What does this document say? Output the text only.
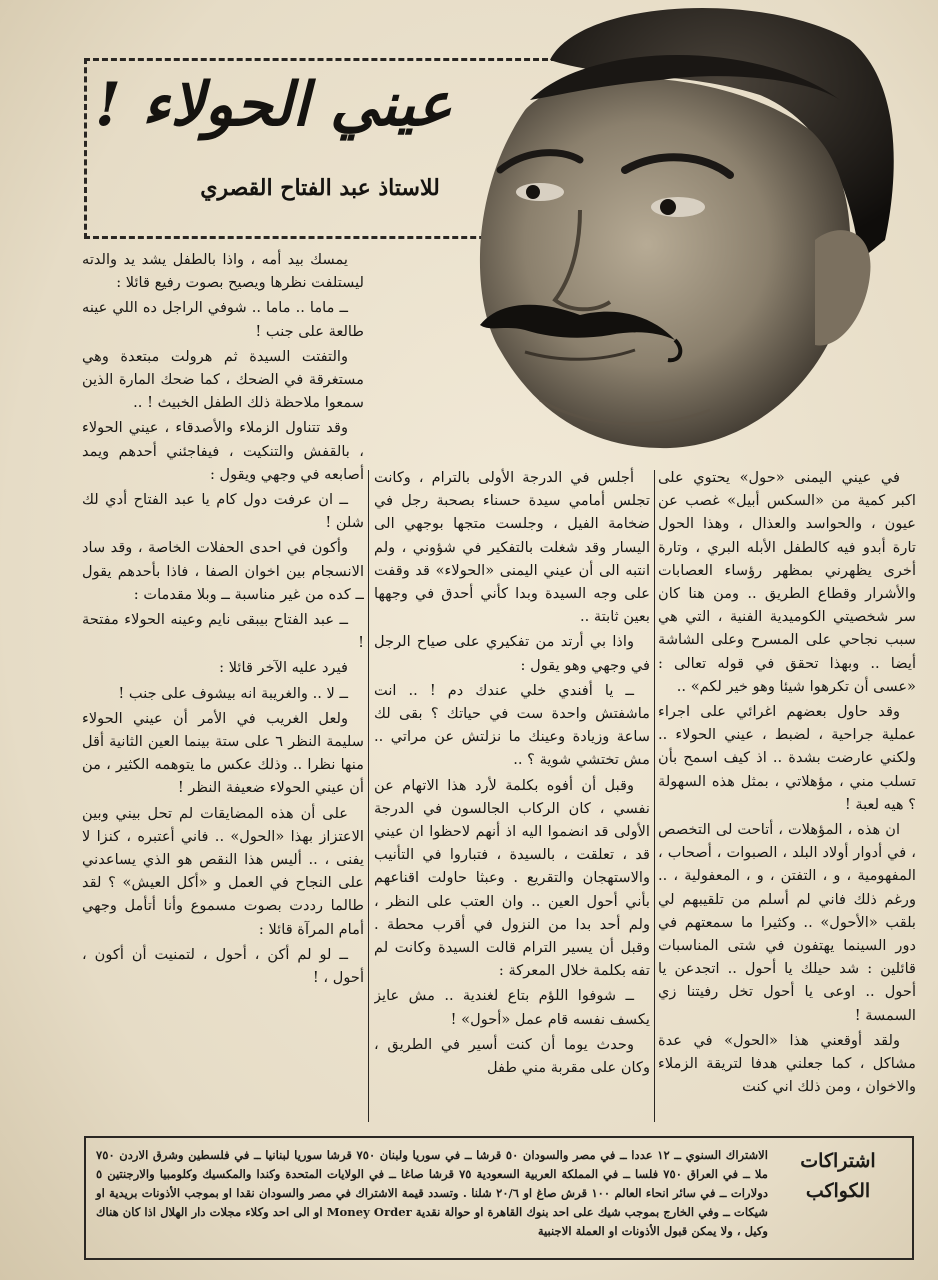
عيني الحولاء !
للاستاذ عبد الفتاح القصري

في عيني اليمنى «حول» يحتوي على اكبر كمية من «السكس أبيل» غصب عن عيون ، والحواسد والعذال ، وهذا الحول تارة أبدو فيه كالطفل الأبله البري ، وتارة أخرى يظهرني بمظهر رؤساء العصابات والأشرار وقطاع الطريق .. ومن هنا كان سر شخصيتي الكوميدية الفنية ، التي هي سبب نجاحي على المسرح وعلى الشاشة أيضا .. وبهذا تحقق في قوله تعالى : «عسى أن تكرهوا شيئا وهو خير لكم» ..

وقد حاول بعضهم اغرائي على اجراء عملية جراحية ، لضبط ، عيني الحولاء .. ولكني عارضت بشدة .. اذ كيف اسمح بأن تسلب مني ، مؤهلاتي ، بمثل هذه السهولة ؟ هيه لعبة !

ان هذه ، المؤهلات ، أتاحت لى التخصص ، في أدوار أولاد البلد ، الصبوات ، أصحاب ، المفهومية ، و ، التفتن ، و ، المعفولية ، .. ورغم ذلك فاني لم أسلم من تلقيبهم لي بلقب «الأحول» .. وكثيرا ما سمعتهم في دور السينما يهتفون في شتى المناسبات قائلين : شد حيلك يا أحول .. اتجدعن يا أحول .. اوعى يا أحول تخل رفيتنا زي السمسة !

ولقد أوقعني هذا «الحول» في عدة مشاكل ، كما جعلني هدفا لتريقة الزملاء والاخوان ، ومن ذلك اني كنت

أجلس في الدرجة الأولى بالترام ، وكانت تجلس أمامي سيدة حسناء بصحبة رجل في ضخامة الفيل ، وجلست متجها بوجهي الى اليسار وقد شغلت بالتفكير في شؤوني ، ولم انتبه الى أن عيني اليمنى «الحولاء» قد وقفت على وجه السيدة وبدا كأني أحدق في وجهها بعين ثابتة ..

واذا بي أرتد من تفكيري على صياح الرجل في وجهي وهو يقول :

ــ يا أفندي خلي عندك دم ! .. انت ماشفتش واحدة ست في حياتك ؟ بقى لك ساعة وزيادة وعينك ما نزلتش عن مراتي .. مش تختشي شوية ؟ ..

وقبل أن أفوه بكلمة لأرد هذا الاتهام عن نفسي ، كان الركاب الجالسون في الدرجة الأولى قد انضموا اليه اذ أنهم لاحظوا ان عيني قد ، تعلقت ، بالسيدة ، فتباروا في التأنيب والاستهجان والتقريع . وعبثا حاولت اقناعهم بأني أحول العين .. وان العتب على النظر ، ولم أحد بدا من النزول في أقرب محطة . وقبل أن يسير الترام قالت السيدة وكانت لم تفه بكلمة خلال المعركة :

ــ شوفوا اللؤم بتاع لغندية .. مش عايز يكسف نفسه قام عمل «أحول» !

وحدث يوما أن كنت أسير في الطريق ، وكان على مقربة مني طفل

يمسك بيد أمه ، واذا بالطفل يشد يد والدته ليستلفت نظرها ويصيح بصوت رفيع قائلا :

ــ ماما .. ماما .. شوفي الراجل ده اللي عينه طالعة على جنب !

والتفتت السيدة ثم هرولت مبتعدة وهي مستغرقة في الضحك ، كما ضحك المارة الذين سمعوا ملاحظة ذلك الطفل الخبيث ! ..

وقد تتناول الزملاء والأصدقاء ، عيني الحولاء ، بالقفش والتنكيت ، فيفاجئني أحدهم ويمد أصابعه في وجهي ويقول :

ــ ان عرفت دول كام يا عبد الفتاح أدي لك شلن !

وأكون في احدى الحفلات الخاصة ، وقد ساد الانسجام بين اخوان الصفا ، فاذا بأحدهم يقول ــ كده من غير مناسبة ــ وبلا مقدمات :

ــ عبد الفتاح بيبقى نايم وعينه الحولاء مفتحة !

فيرد عليه الآخر قائلا :

ــ لا .. والغريبة انه بيشوف على جنب !

ولعل الغريب في الأمر أن عيني الحولاء سليمة النظر ٦ على ستة بينما العين الثانية أقل منها نظرا .. وذلك عكس ما يتوهمه الكثير ، من أن عيني الحولاء ضعيفة النظر !

على أن هذه المضايقات لم تحل بيني وبين الاعتزاز بهذا «الحول» .. فاني أعتبره ، كنزا لا يفنى ، .. أليس هذا النقص هو الذي يساعدني على النجاح في العمل و «أكل العيش» ؟ لقد طالما رددت بصوت مسموع وأنا أتأمل وجهي أمام المرآة قائلا :

ــ لو لم أكن ، أحول ، لتمنيت أن أكون ، أحول ، !

اشتراكات الكواكب

الاشتراك السنوي ــ ١٢ عددا ــ في مصر والسودان ٥٠ قرشا ــ في سوريا ولبنان ٧٥٠ قرشا سوريا لبنانيا ــ في فلسطين وشرق الاردن ٧٥٠ ملا ــ في العراق ٧٥٠ فلسا ــ في المملكة العربية السعودية ٧٥ قرشا صاغا ــ في الولايات المتحدة وكندا والمكسيك وكلومبيا والارجنتين ٥ دولارات ــ في سائر انحاء العالم ١٠٠ قرش صاغ او ٢٠/٦ شلنا . وتسدد قيمة الاشتراك في مصر والسودان نقدا او بموجب الأذونات بريدية او شيكات ــ وفي الخارج بموجب شيك على احد بنوك القاهرة او حوالة نقدية Money Order او الى احد وكلاء مجلات دار الهلال اذا كان هناك وكيل ، ولا يمكن قبول الأذونات او العملة الاجنبية
